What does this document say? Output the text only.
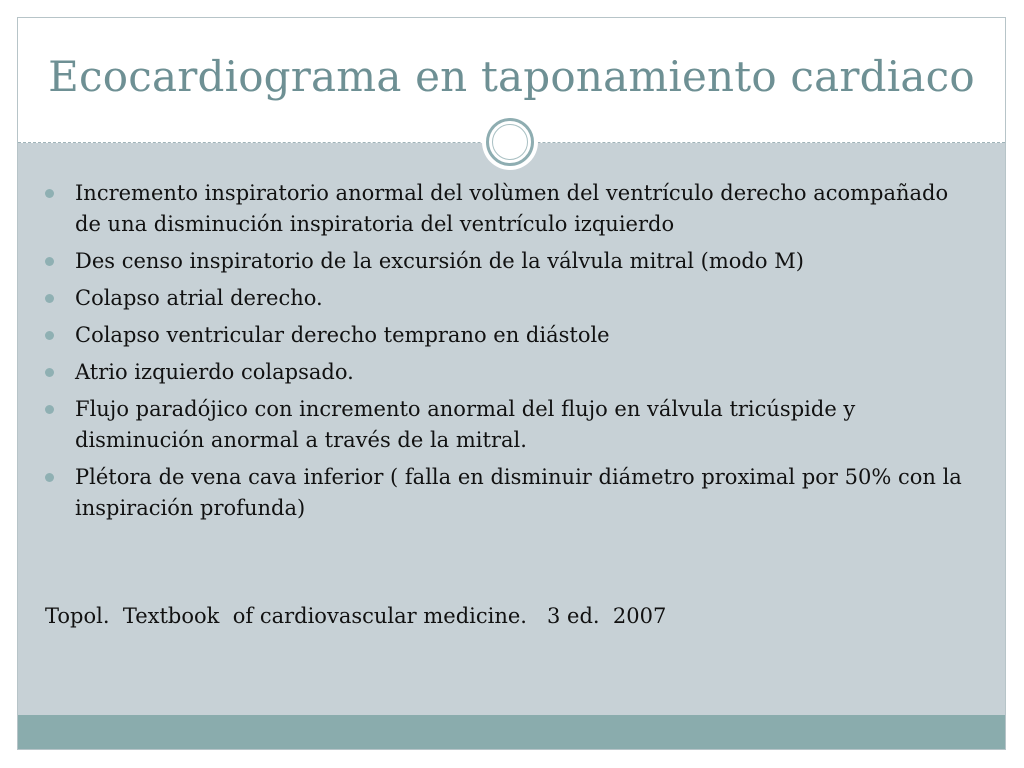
Ecocardiograma en taponamiento cardiaco
Incremento inspiratorio anormal del volùmen del ventrículo derecho acompañado de una disminución inspiratoria del ventrículo izquierdo
Des censo inspiratorio de la excursión de la válvula mitral (modo M)
Colapso atrial derecho.
Colapso ventricular derecho temprano en diástole
Atrio izquierdo colapsado.
Flujo paradójico con incremento anormal del flujo en válvula tricúspide y disminución anormal a través de la mitral.
Plétora de vena cava inferior ( falla en disminuir diámetro proximal por 50% con la inspiración profunda)

Topol.  Textbook  of cardiovascular medicine.   3 ed.  2007
